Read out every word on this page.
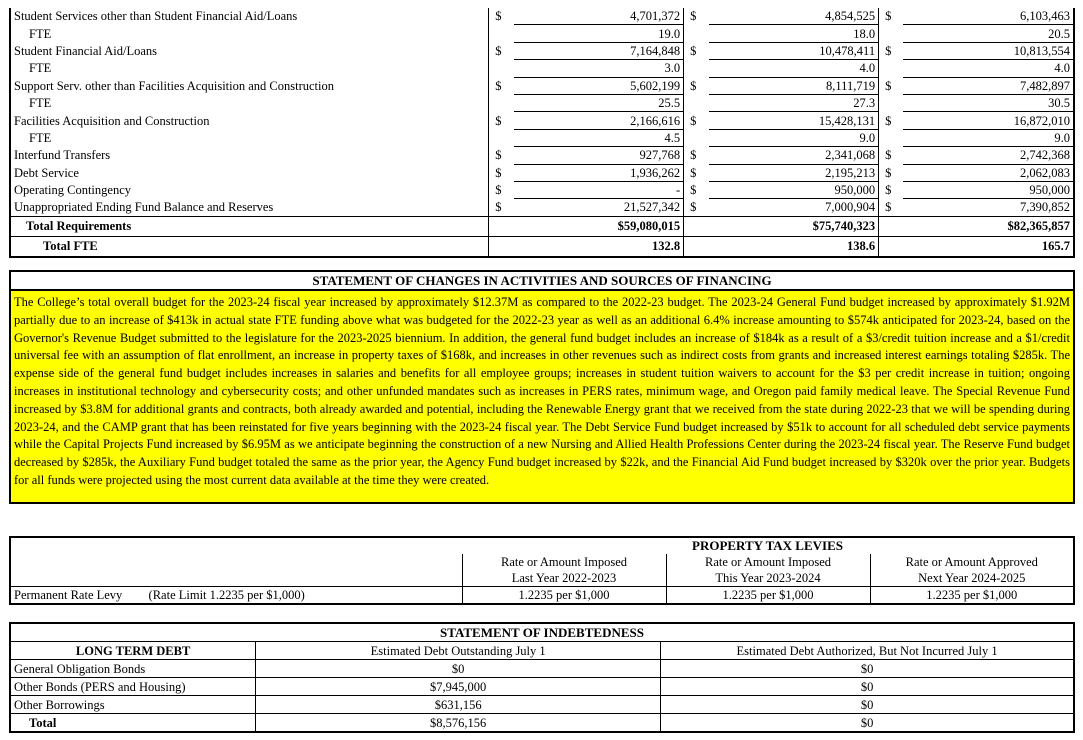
Student Services other than Student Financial Aid/Loans	$	4,701,372	$	4,854,525	$	6,103,463
FTE		19.0		18.0		20.5
Student Financial Aid/Loans	$	7,164,848	$	10,478,411	$	10,813,554
FTE		3.0		4.0		4.0
Support Serv. other than Facilities Acquisition and Construction	$	5,602,199	$	8,111,719	$	7,482,897
FTE		25.5		27.3		30.5
Facilities Acquisition and Construction	$	2,166,616	$	15,428,131	$	16,872,010
FTE		4.5		9.0		9.0
Interfund Transfers	$	927,768	$	2,341,068	$	2,742,368
Debt Service	$	1,936,262	$	2,195,213	$	2,062,083
Operating Contingency	$	-	$	950,000	$	950,000
Unappropriated Ending Fund Balance and Reserves	$	21,527,342	$	7,000,904	$	7,390,852
Total Requirements		$59,080,015		$75,740,323		$82,365,857
Total FTE		132.8		138.6		165.7
STATEMENT OF CHANGES IN ACTIVITIES AND SOURCES OF FINANCING
The College’s total overall budget for the 2023-24 fiscal year increased by approximately $12.37M as compared to the 2022-23 budget. The 2023-24 General Fund budget increased by approximately $1.92M partially due to an increase of $413k in actual state FTE funding above what was budgeted for the 2022-23 year as well as an additional 6.4% increase amounting to $574k anticipated for 2023-24, based on the Governor's Revenue Budget submitted to the legislature for the 2023-2025 biennium. In addition, the general fund budget includes an increase of $184k as a result of a $3/credit tuition increase and a $1/credit universal fee with an assumption of flat enrollment, an increase in property taxes of $168k, and increases in other revenues such as indirect costs from grants and increased interest earnings totaling $285k. The expense side of the general fund budget includes increases in salaries and benefits for all employee groups; increases in student tuition waivers to account for the $3 per credit increase in tuition; ongoing increases in institutional technology and cybersecurity costs; and other unfunded mandates such as increases in PERS rates, minimum wage, and Oregon paid family medical leave. The Special Revenue Fund increased by $3.8M for additional grants and contracts, both already awarded and potential, including the Renewable Energy grant that we received from the state during 2022-23 that we will be spending during 2023-24, and the CAMP grant that has been reinstated for five years beginning with the 2023-24 fiscal year. The Debt Service Fund budget increased by $51k to account for all scheduled debt service payments while the Capital Projects Fund increased by $6.95M as we anticipate beginning the construction of a new Nursing and Allied Health Professions Center during the 2023-24 fiscal year. The Reserve Fund budget decreased by $285k, the Auxiliary Fund budget totaled the same as the prior year, the Agency Fund budget increased by $22k, and the Financial Aid Fund budget increased by $320k over the prior year. Budgets for all funds were projected using the most current data available at the time they were created.
	PROPERTY TAX LEVIES		
	Rate or Amount Imposed	Rate or Amount Imposed	Rate or Amount Approved
	Last Year 2022-2023	This Year 2023-2024	Next Year 2024-2025
Permanent Rate Levy (Rate Limit 1.2235 per $1,000)	1.2235 per $1,000	1.2235 per $1,000	1.2235 per $1,000
STATEMENT OF INDEBTEDNESS		
LONG TERM DEBT	Estimated Debt Outstanding July 1	Estimated Debt Authorized, But Not Incurred July 1
General Obligation Bonds	$0	$0
Other Bonds (PERS and Housing)	$7,945,000	$0
Other Borrowings	$631,156	$0
Total	$8,576,156	$0
